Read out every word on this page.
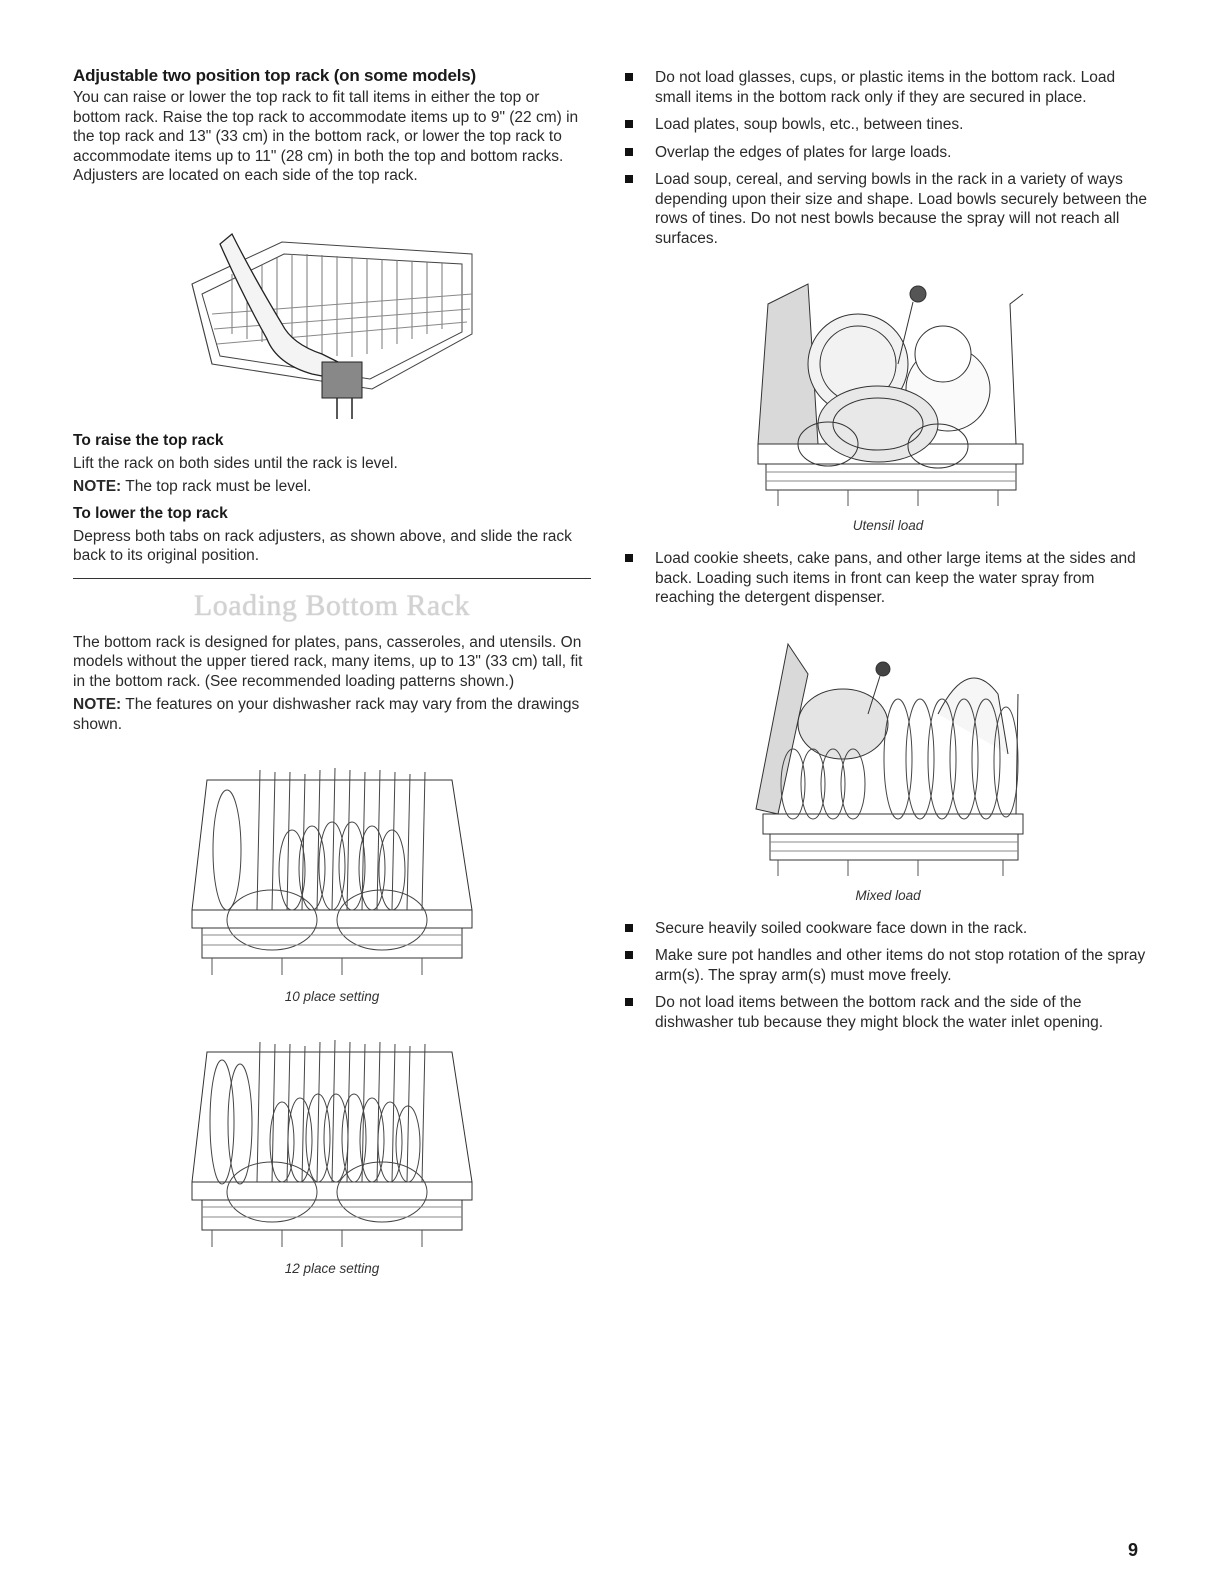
Adjustable two position top rack (on some models)

You can raise or lower the top rack to fit tall items in either the top or bottom rack. Raise the top rack to accommodate items up to 9" (22 cm) in the top rack and 13" (33 cm) in the bottom rack, or lower the top rack to accommodate items up to 11" (28 cm) in both the top and bottom racks. Adjusters are located on each side of the top rack.

To raise the top rack

Lift the rack on both sides until the rack is level.

NOTE: The top rack must be level.

To lower the top rack

Depress both tabs on rack adjusters, as shown above, and slide the rack back to its original position.

Loading Bottom Rack

The bottom rack is designed for plates, pans, casseroles, and utensils. On models without the upper tiered rack, many items, up to 13" (33 cm) tall, fit in the bottom rack. (See recommended loading patterns shown.)

NOTE: The features on your dishwasher rack may vary from the drawings shown.

10 place setting
12 place setting
Do not load glasses, cups, or plastic items in the bottom rack. Load small items in the bottom rack only if they are secured in place.
Load plates, soup bowls, etc., between tines.
Overlap the edges of plates for large loads.
Load soup, cereal, and serving bowls in the rack in a variety of ways depending upon their size and shape. Load bowls securely between the rows of tines. Do not nest bowls because the spray will not reach all surfaces.
Utensil load
Load cookie sheets, cake pans, and other large items at the sides and back. Loading such items in front can keep the water spray from reaching the detergent dispenser.
Mixed load
Secure heavily soiled cookware face down in the rack.
Make sure pot handles and other items do not stop rotation of the spray arm(s). The spray arm(s) must move freely.
Do not load items between the bottom rack and the side of the dishwasher tub because they might block the water inlet opening.
9
